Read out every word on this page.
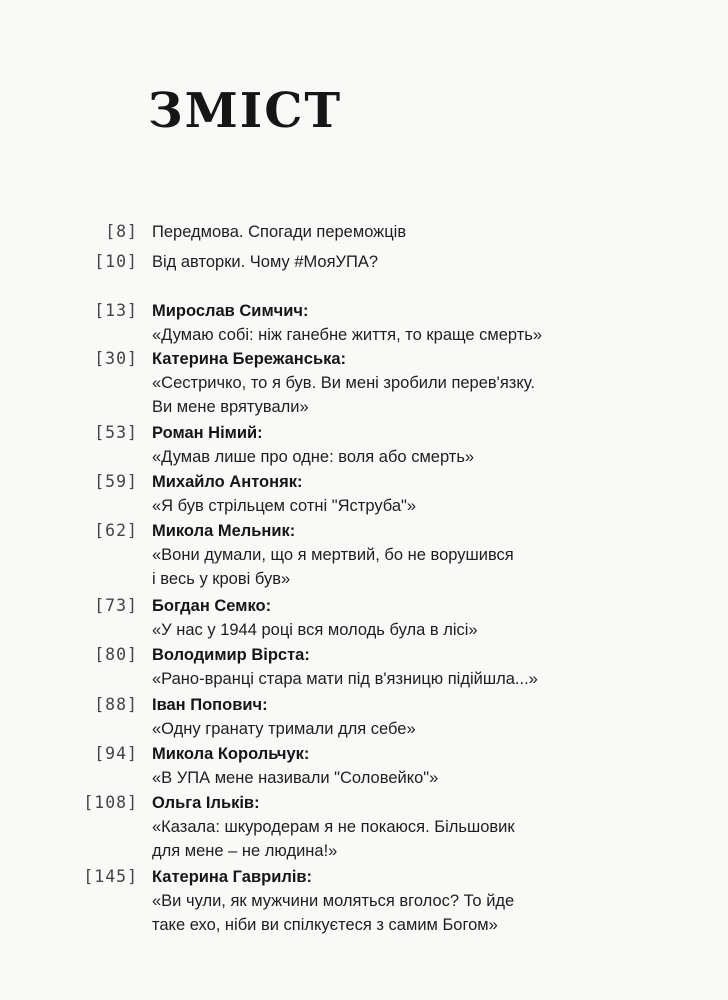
ЗМІСТ
[8] Передмова. Спогади переможців
[10] Від авторки. Чому #МояУПА?
[13] Мирослав Симчич:
«Думаю собі: ніж ганебне життя, то краще смерть»
[30] Катерина Бережанська:
«Сестричко, то я був. Ви мені зробили перев'язку.
Ви мене врятували»
[53] Роман Німий:
«Думав лише про одне: воля або смерть»
[59] Михайло Антоняк:
«Я був стрільцем сотні "Яструба"»
[62] Микола Мельник:
«Вони думали, що я мертвий, бо не ворушився
і весь у крові був»
[73] Богдан Семко:
«У нас у 1944 році вся молодь була в лісі»
[80] Володимир Вірста:
«Рано-вранці стара мати під в'язницю підійшла...»
[88] Іван Попович:
«Одну гранату тримали для себе»
[94] Микола Корольчук:
«В УПА мене називали "Соловейко"»
[108] Ольга Ільків:
«Казала: шкуродерам я не покаюся. Більшовик
для мене – не людина!»
[145] Катерина Гаврилів:
«Ви чули, як мужчини моляться вголос? То йде
таке ехо, ніби ви спілкуєтеся з самим Богом»
